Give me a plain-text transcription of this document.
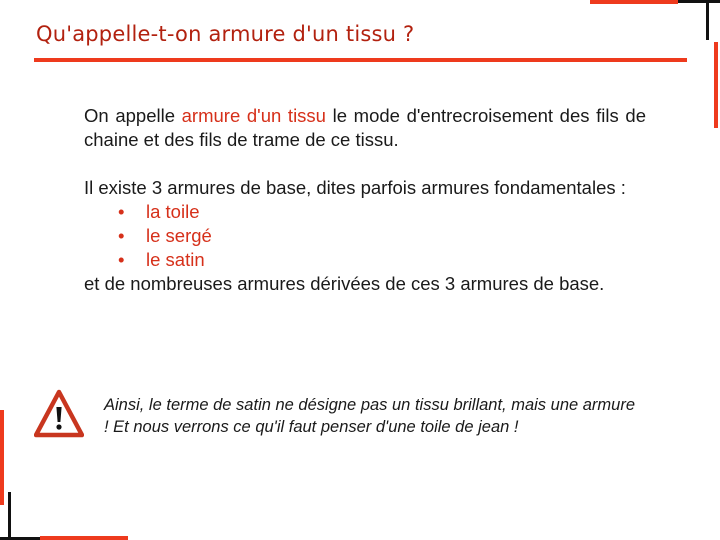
Qu'appelle-t-on armure d'un tissu ?

On appelle armure d'un tissu le mode d'entrecroisement des fils de chaine et des fils de trame de ce tissu.

Il existe 3 armures de base, dites parfois armures fondamentales :

• la toile
• le sergé
• le satin

et de nombreuses armures dérivées de ces 3 armures de base.

Ainsi, le terme de satin ne désigne pas un tissu brillant, mais une armure ! Et nous verrons ce qu'il faut penser d'une toile de jean !
